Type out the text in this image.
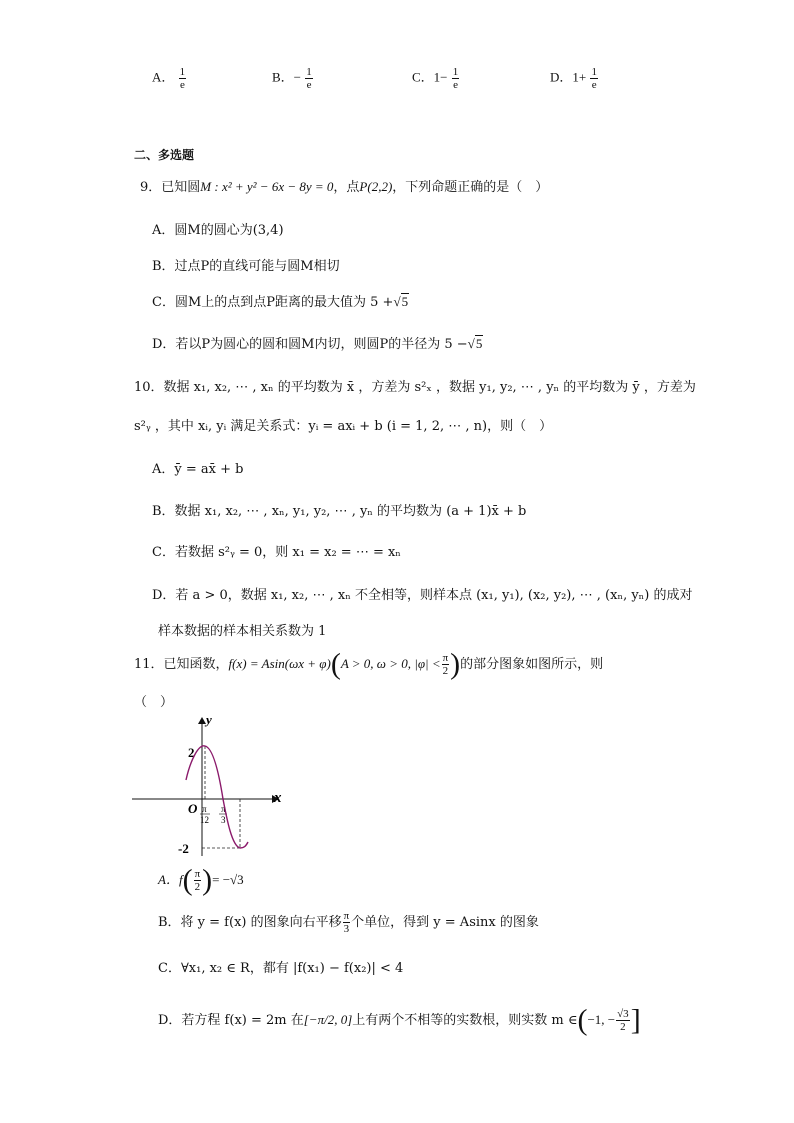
A． $\frac{1}{e}$	B．− $\frac{1}{e}$	C．$1- \frac{1}{e}$	D．$1+ \frac{1}{e}$
二、多选题
9．已知圆M : x² + y² − 6x − 8y = 0，点P(2,2)，下列命题正确的是（　）
A．圆M的圆心为(3,4)
B．过点P的直线可能与圆M相切
C．圆M上的点到点P距离的最大值为 5 +√5
D．若以P为圆心的圆和圆M内切，则圆P的半径为 5 −√5
10．数据 x₁, x₂, ⋯ , xₙ 的平均数为 x̄ ，方差为 s²ₓ ，数据 y₁, y₂, ⋯ , yₙ 的平均数为 ȳ ，方差为
s²ᵧ ，其中 xᵢ, yᵢ 满足关系式：yᵢ = axᵢ + b (i = 1, 2, ⋯ , n)，则（　）
A．ȳ = ax̄ + b
B．数据 x₁, x₂, ⋯ , xₙ, y₁, y₂, ⋯ , yₙ 的平均数为 (a + 1)x̄ + b
C．若数据 s²ᵧ = 0，则 x₁ = x₂ = ⋯ = xₙ
D．若 a > 0，数据 x₁, x₂, ⋯ , xₙ 不全相等，则样本点 (x₁, y₁), (x₂, y₂), ⋯ , (xₙ, yₙ) 的成对
样本数据的样本相关系数为 1
11．已知函数，f(x) = Asin(ωx + φ)(A > 0, ω > 0, $|\varphi| < \frac{\pi}{2}$ )的部分图象如图所示，则
（　）
y
x
O
2
-2
π
12
π
3
A．$f( \frac{\pi}{2}$ )= −√3
B．将 y = f(x) 的图象向右平移 $\frac{\pi}{3}$ 个单位，得到 y = Asinx 的图象
C．∀x₁, x₂ ∈ R，都有 |f(x₁) − f(x₂)| < 4
D．若方程 f(x) = 2m 在[−π/2, 0]上有两个不相等的实数根，则实数 m ∈(−1, − $\frac{√3}{2}$ ]
